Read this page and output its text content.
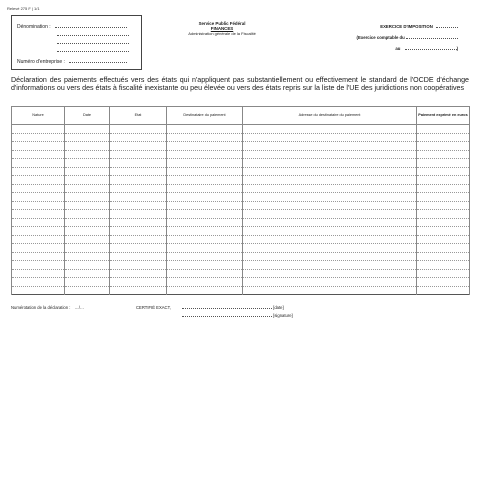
Relevé 275 F | 1/1
Dénomination :
Numéro d'entreprise :
Service Public Fédéral
FINANCES
Administration générale de la Fiscalité
EXERCICE D'IMPOSITION
(Exercice comptable du
au	)
Déclaration des paiements effectués vers des états qui n'appliquent pas substantiellement ou effectivement le standard de l'OCDE d'échange d'informations ou vers des états à fiscalité inexistante ou peu élevée ou vers des états repris sur la liste de l'UE des juridictions non coopératives
Nature	Date	Etat	Destinataire du paiement	Adresse du destinataire du paiement	Paiement exprimé en euros

Numérotation de la déclaration : …/…	CERTIFIÉ EXACT,	[date]
[signature]
